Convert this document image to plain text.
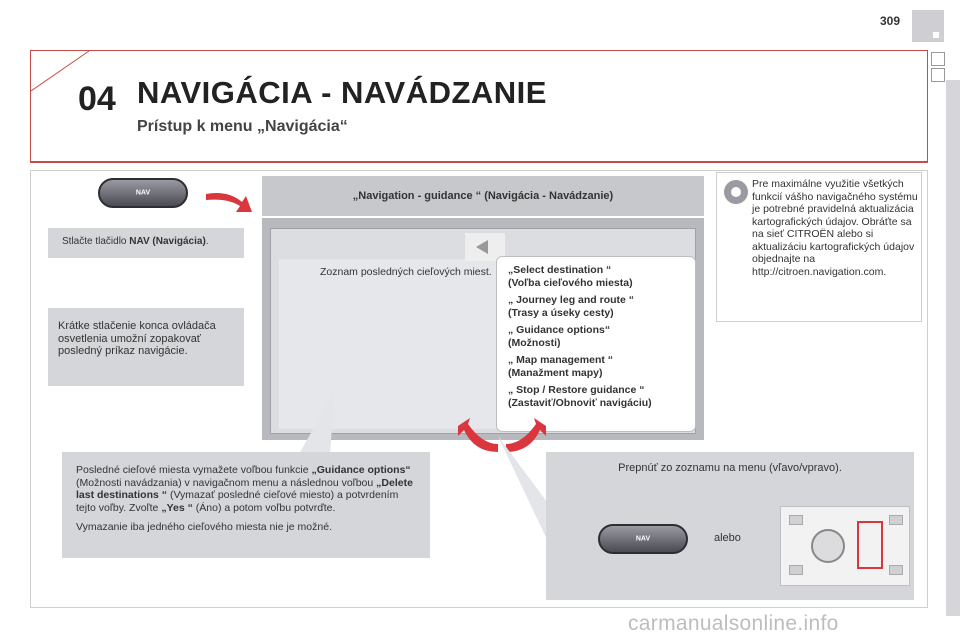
309
04 NAVIGÁCIA - NAVÁDZANIE
Prístup k menu „Navigácia“
NAV
Stlačte tlačidlo NAV (Navigácia).
Krátke stlačenie konca ovládača osvetlenia umožní zopakovať posledný príkaz navigácie.
„Navigation - guidance “ (Navigácia - Navádzanie)
Zoznam posledných cieľových miest. „Select destination “
(Voľba cieľového miesta)
„ Journey leg and route “
(Trasy a úseky cesty)
„ Guidance options“
(Možnosti)
„ Map management “
(Manažment mapy)
„ Stop / Restore guidance “
(Zastaviť/Obnoviť navigáciu)
Pre maximálne využitie všetkých funkcií vášho navigačného systému je potrebné pravidelná aktualizácia kartografických údajov. Obráťte sa na sieť CITROËN alebo si aktualizáciu kartografických údajov objednajte na http://citroen.navigation.com.

Posledné cieľové miesta vymažete voľbou funkcie „Guidance options“ (Možnosti navádzania) v navigačnom menu a následnou voľbou „Delete last destinations “ (Vymazať posledné cieľové miesto) a potvrdením tejto voľby. Zvoľte „Yes “ (Áno) a potom voľbu potvrďte.

Vymazanie iba jedného cieľového miesta nie je možné.

Prepnúť zo zoznamu na menu (vľavo/vpravo).
NAV	alebo
carmanualsonline.info
